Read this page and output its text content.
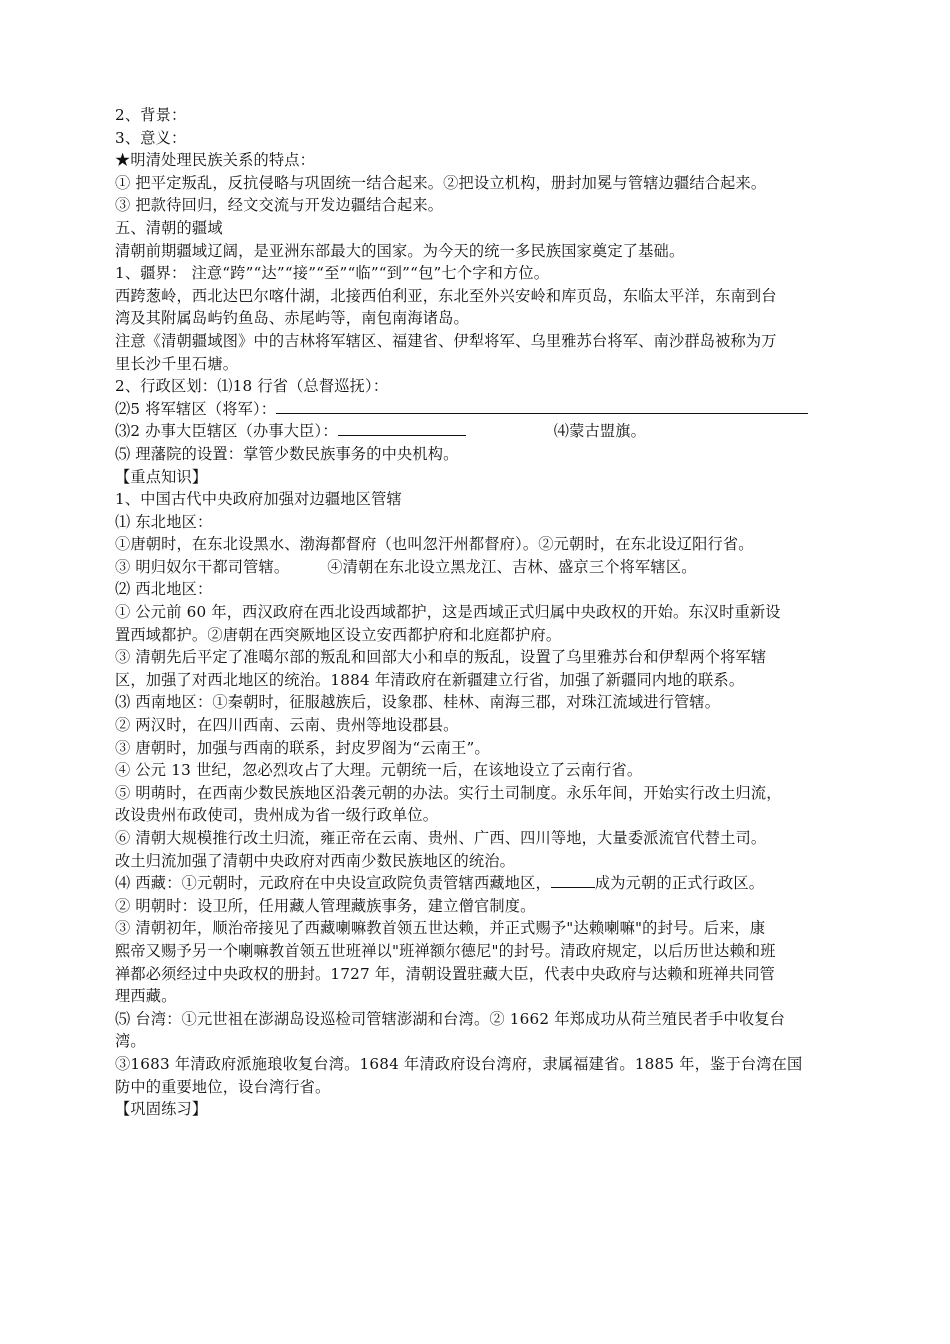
2、背景：
3、意义：
★明清处理民族关系的特点：
① 把平定叛乱，反抗侵略与巩固统一结合起来。②把设立机构，册封加冕与管辖边疆结合起来。
③ 把款待回归，经文交流与开发边疆结合起来。
五、清朝的疆域
清朝前期疆域辽阔，是亚洲东部最大的国家。为今天的统一多民族国家奠定了基础。
1、疆界： 注意“跨”“达”“接”“至”“临”“到”“包”七个字和方位。
西跨葱岭，西北达巴尔喀什湖，北接西伯利亚，东北至外兴安岭和库页岛，东临太平洋，东南到台
湾及其附属岛屿钓鱼岛、赤尾屿等，南包南海诸岛。
注意《清朝疆域图》中的吉林将军辖区、福建省、伊犁将军、乌里雅苏台将军、南沙群岛被称为万
里长沙千里石塘。
2、行政区划：⑴18 行省（总督巡抚）：
⑵5 将军辖区（将军）：
⑶2 办事大臣辖区（办事大臣）：	⑷蒙古盟旗。
⑸ 理藩院的设置：掌管少数民族事务的中央机构。
【重点知识】
1、中国古代中央政府加强对边疆地区管辖
⑴ 东北地区：
①唐朝时，在东北设黑水、渤海都督府（也叫忽汗州都督府）。②元朝时，在东北设辽阳行省。
③ 明归奴尔干都司管辖。	④清朝在东北设立黑龙江、吉林、盛京三个将军辖区。
⑵ 西北地区：
① 公元前 60 年，西汉政府在西北设西域都护，这是西域正式归属中央政权的开始。东汉时重新设
置西域都护。②唐朝在西突厥地区设立安西都护府和北庭都护府。
③ 清朝先后平定了准噶尔部的叛乱和回部大小和卓的叛乱，设置了乌里雅苏台和伊犁两个将军辖
区，加强了对西北地区的统治。1884 年清政府在新疆建立行省，加强了新疆同内地的联系。
⑶ 西南地区：①秦朝时，征服越族后，设象郡、桂林、南海三郡，对珠江流域进行管辖。
② 两汉时，在四川西南、云南、贵州等地设郡县。
③ 唐朝时，加强与西南的联系，封皮罗阁为“云南王”。
④ 公元 13 世纪，忽必烈攻占了大理。元朝统一后，在该地设立了云南行省。
⑤ 明萌时，在西南少数民族地区沿袭元朝的办法。实行土司制度。永乐年间，开始实行改土归流，
改设贵州布政使司，贵州成为省一级行政单位。
⑥ 清朝大规模推行改土归流，雍正帝在云南、贵州、广西、四川等地，大量委派流官代替土司。
改土归流加强了清朝中央政府对西南少数民族地区的统治。
⑷ 西藏：①元朝时，元政府在中央设宣政院负责管辖西藏地区，	成为元朝的正式行政区。
② 明朝时：设卫所，任用藏人管理藏族事务，建立僧官制度。
③ 清朝初年，顺治帝接见了西藏喇嘛教首领五世达赖，并正式赐予"达赖喇嘛"的封号。后来，康
熙帝又赐予另一个喇嘛教首领五世班禅以"班禅额尔德尼"的封号。清政府规定，以后历世达赖和班
禅都必须经过中央政权的册封。1727 年，清朝设置驻藏大臣，代表中央政府与达赖和班禅共同管
理西藏。
⑸ 台湾：①元世祖在澎湖岛设巡检司管辖澎湖和台湾。② 1662 年郑成功从荷兰殖民者手中收复台
湾。
③1683 年清政府派施琅收复台湾。1684 年清政府设台湾府，隶属福建省。1885 年，鉴于台湾在国
防中的重要地位，设台湾行省。
【巩固练习】
